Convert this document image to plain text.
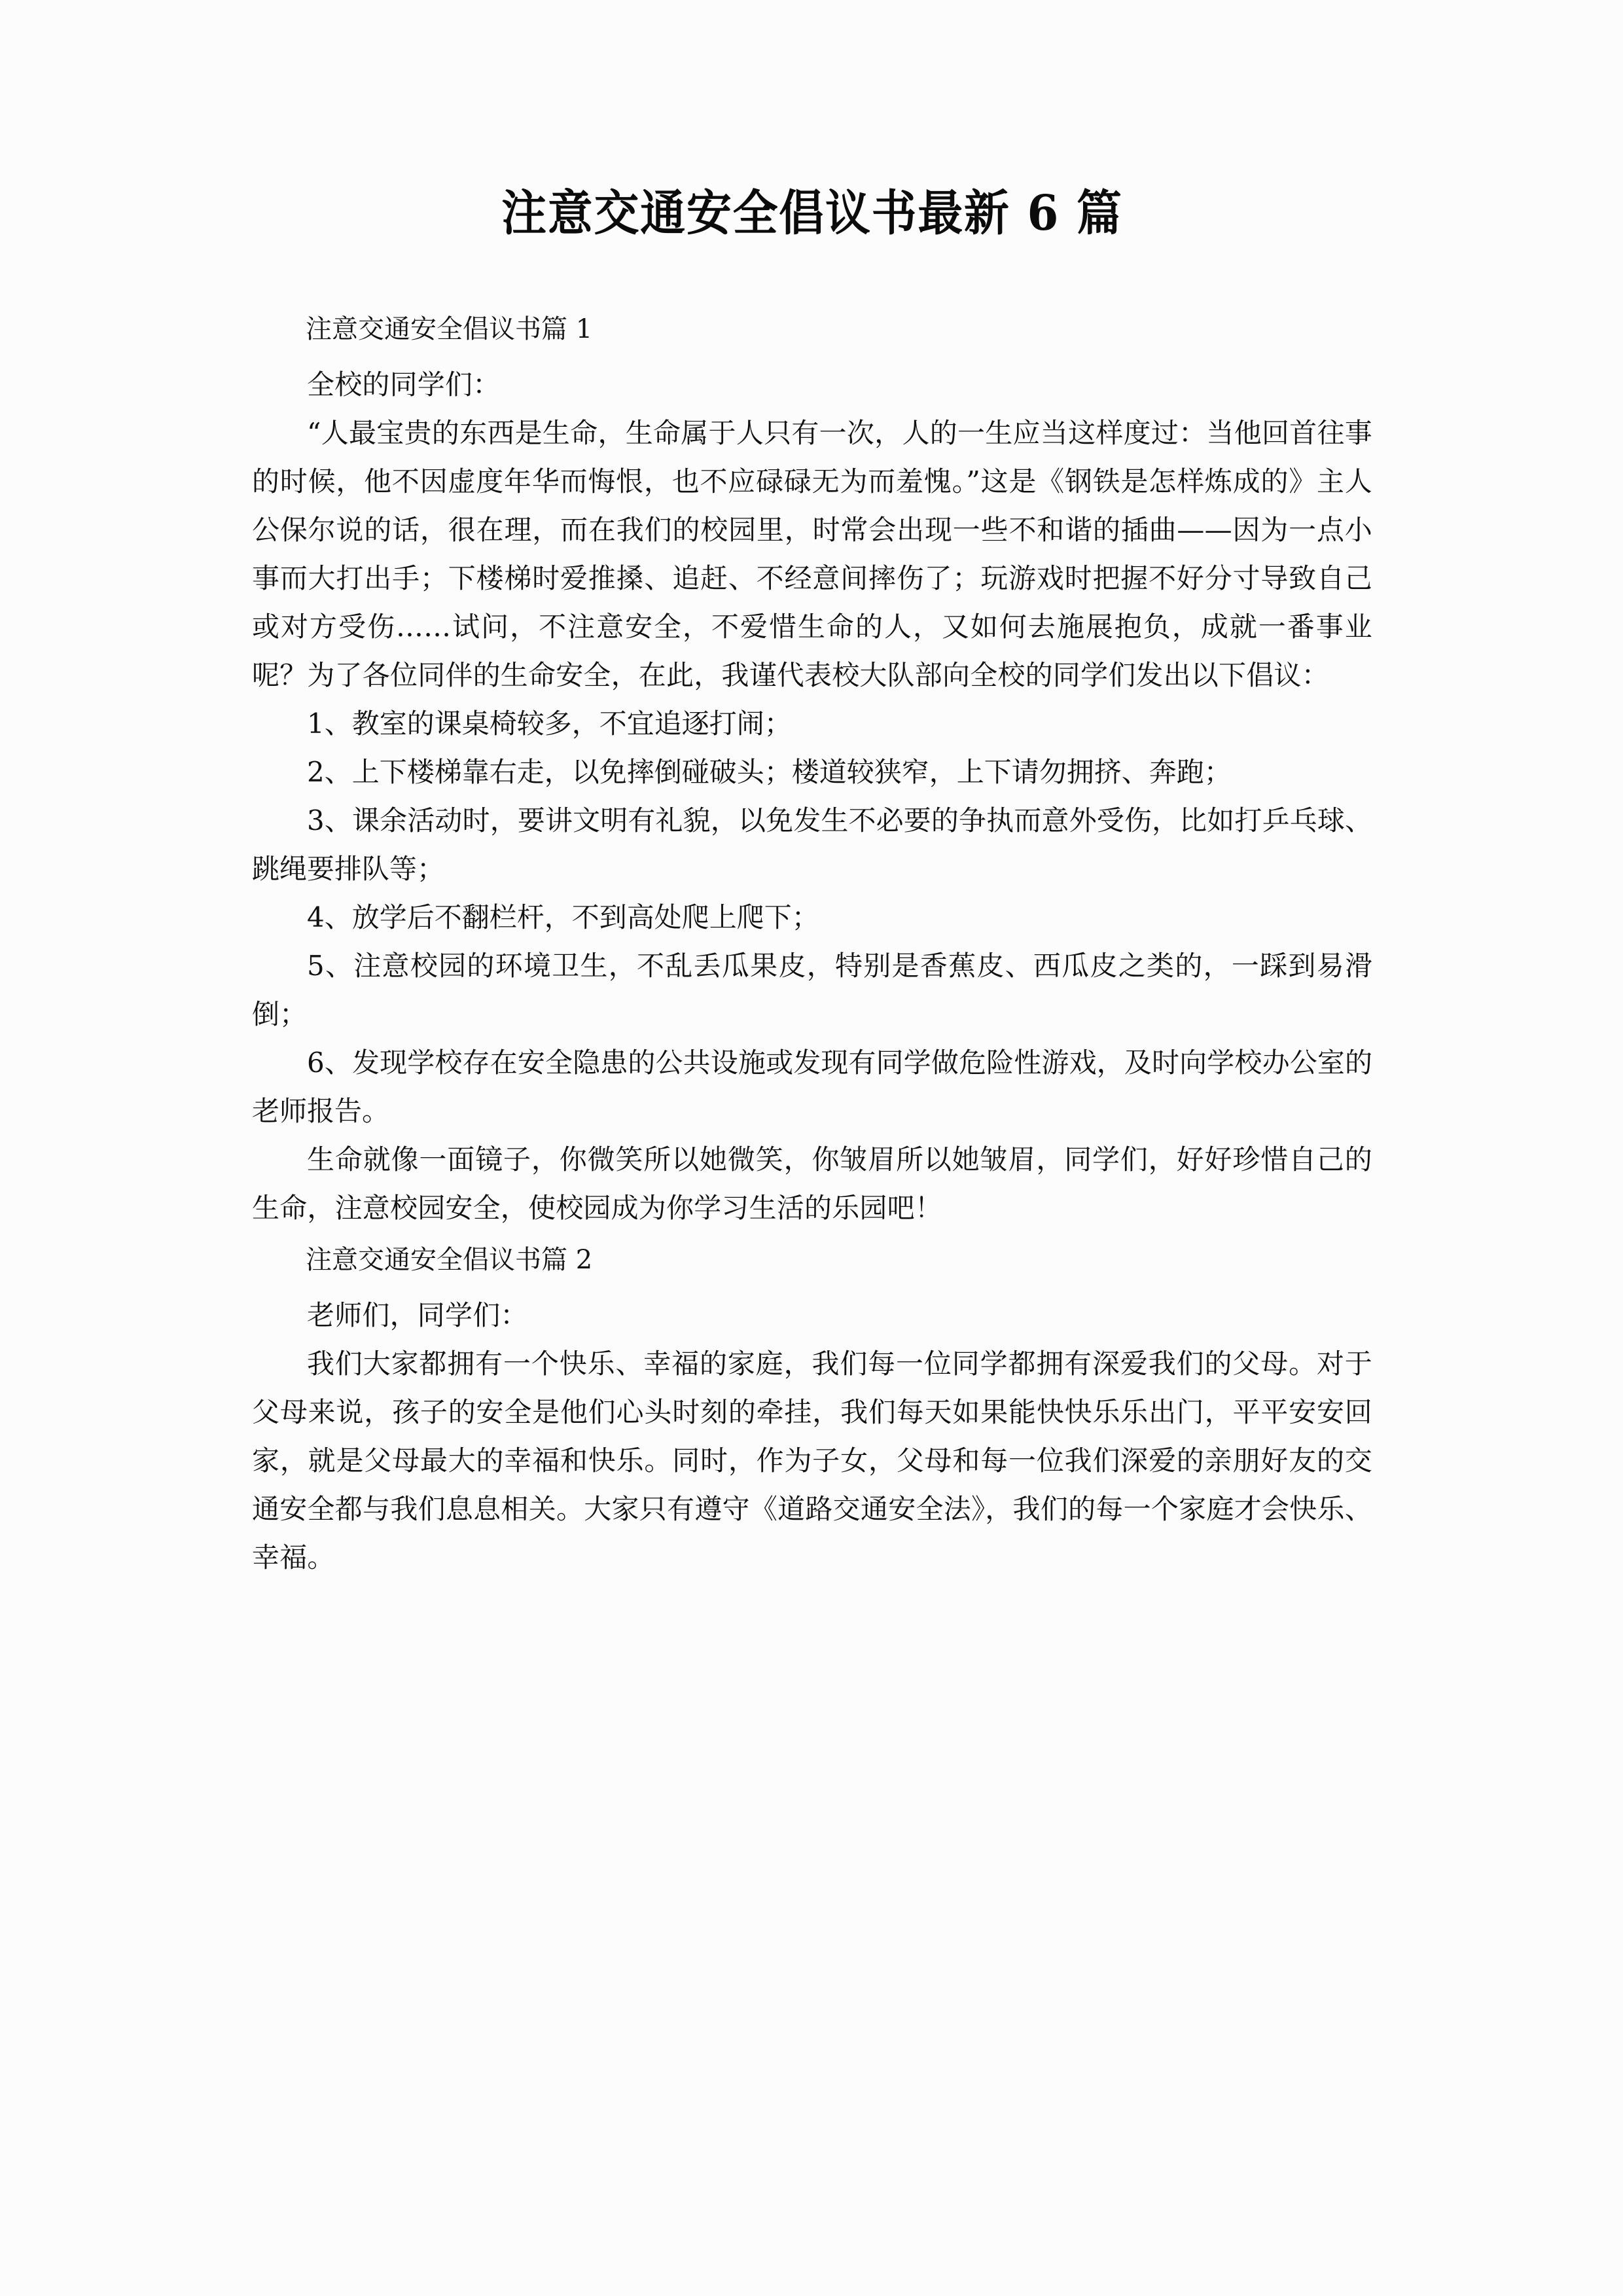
注意交通安全倡议书最新 6 篇

注意交通安全倡议书篇 1

全校的同学们：

“人最宝贵的东西是生命，生命属于人只有一次，人的一生应当这样度过：当他回首往事的时候，他不因虚度年华而悔恨，也不应碌碌无为而羞愧。”这是《钢铁是怎样炼成的》主人公保尔说的话，很在理，而在我们的校园里，时常会出现一些不和谐的插曲——因为一点小事而大打出手；下楼梯时爱推搡、追赶、不经意间摔伤了；玩游戏时把握不好分寸导致自己或对方受伤……试问，不注意安全，不爱惜生命的人，又如何去施展抱负，成就一番事业呢？为了各位同伴的生命安全，在此，我谨代表校大队部向全校的同学们发出以下倡议：

1、教室的课桌椅较多，不宜追逐打闹；

2、上下楼梯靠右走，以免摔倒碰破头；楼道较狭窄，上下请勿拥挤、奔跑；

3、课余活动时，要讲文明有礼貌，以免发生不必要的争执而意外受伤，比如打乒乓球、跳绳要排队等；

4、放学后不翻栏杆，不到高处爬上爬下；

5、注意校园的环境卫生，不乱丢瓜果皮，特别是香蕉皮、西瓜皮之类的，一踩到易滑倒；

6、发现学校存在安全隐患的公共设施或发现有同学做危险性游戏，及时向学校办公室的老师报告。

生命就像一面镜子，你微笑所以她微笑，你皱眉所以她皱眉，同学们，好好珍惜自己的生命，注意校园安全，使校园成为你学习生活的乐园吧！

注意交通安全倡议书篇 2

老师们，同学们：

我们大家都拥有一个快乐、幸福的家庭，我们每一位同学都拥有深爱我们的父母。对于父母来说，孩子的安全是他们心头时刻的牵挂，我们每天如果能快快乐乐出门，平平安安回家，就是父母最大的幸福和快乐。同时，作为子女，父母和每一位我们深爱的亲朋好友的交通安全都与我们息息相关。大家只有遵守《道路交通安全法》，我们的每一个家庭才会快乐、幸福。
